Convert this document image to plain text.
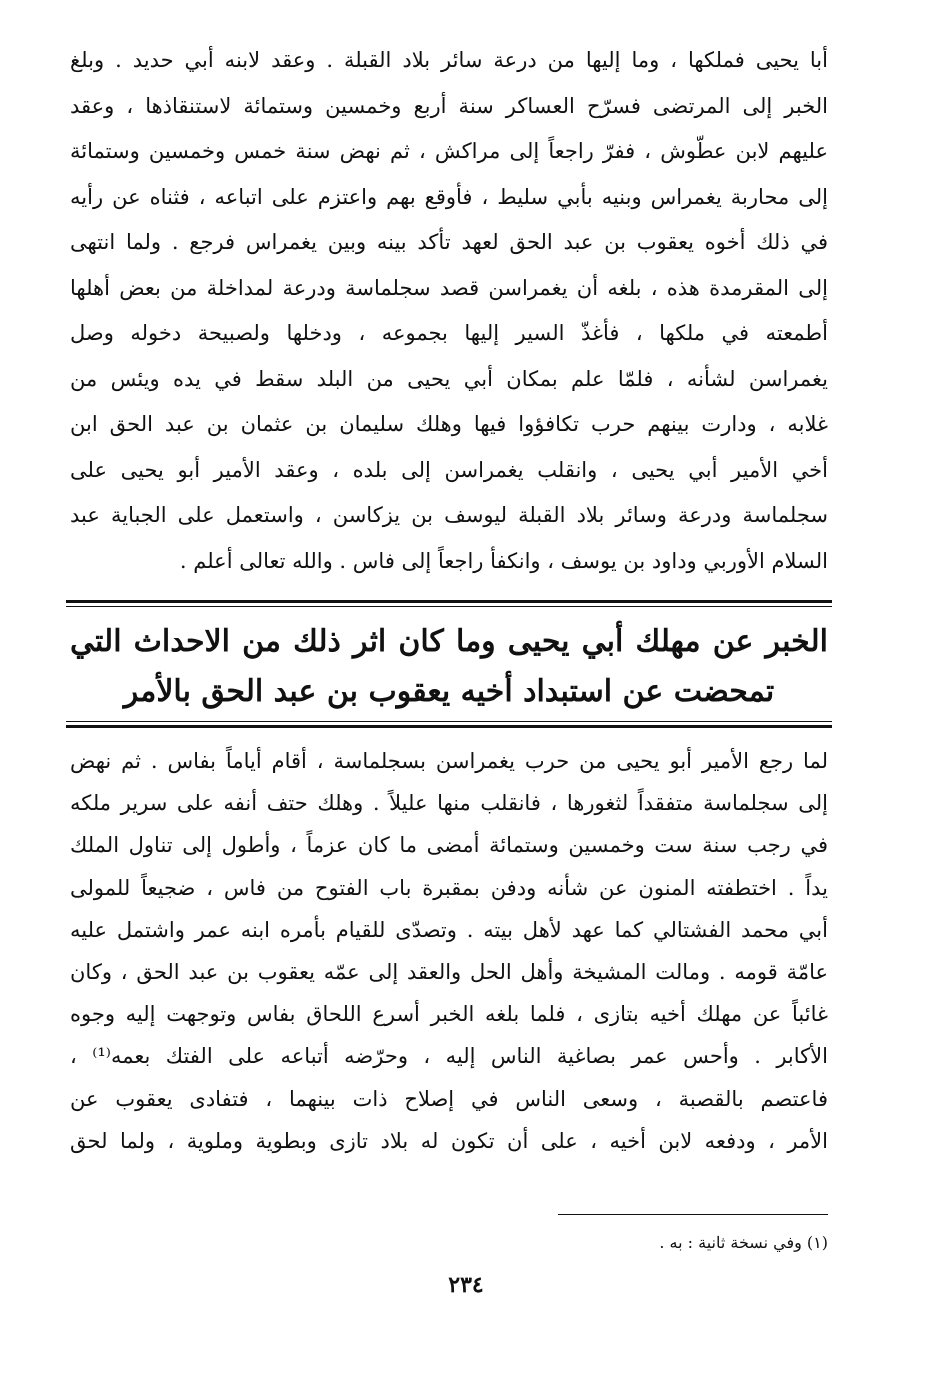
أبا يحيى فملكها ، وما إليها من درعة سائر بلاد القبلة . وعقد لابنه أبي حديد . وبلغ
الخبر إلى المرتضى فسرّح العساكر سنة أربع وخمسين وستمائة لاستنقاذها ، وعقد
عليهم لابن عطّوش ، ففرّ راجعاً إلى مراكش ، ثم نهض سنة خمس وخمسين وستمائة
إلى محاربة يغمراس وبنيه بأبي سليط ، فأوقع بهم واعتزم على اتباعه ، فثناه عن رأيه
في ذلك أخوه يعقوب بن عبد الحق لعهد تأكد بينه وبين يغمراس فرجع . ولما انتهى
إلى المقرمدة هذه ، بلغه أن يغمراسن قصد سجلماسة ودرعة لمداخلة من بعض أهلها
أطمعته في ملكها ، فأغذّ السير إليها بجموعه ، ودخلها ولصبيحة دخوله وصل
يغمراسن لشأنه ، فلمّا علم بمكان أبي يحيى من البلد سقط في يده ويئس من
غلابه ، ودارت بينهم حرب تكافؤوا فيها وهلك سليمان بن عثمان بن عبد الحق ابن
أخي الأمير أبي يحيى ، وانقلب يغمراسن إلى بلده ، وعقد الأمير أبو يحيى على
سجلماسة ودرعة وسائر بلاد القبلة ليوسف بن يزكاسن ، واستعمل على الجباية عبد
السلام الأوربي وداود بن يوسف ، وانكفأ راجعاً إلى فاس . والله تعالى أعلم .
الخبر عن مهلك أبي يحيى وما كان اثر ذلك من الاحداث التي
تمحضت عن استبداد أخيه يعقوب بن عبد الحق بالأمر
لما رجع الأمير أبو يحيى من حرب يغمراسن بسجلماسة ، أقام أياماً بفاس . ثم نهض
إلى سجلماسة متفقداً لثغورها ، فانقلب منها عليلاً . وهلك حتف أنفه على سرير ملكه
في رجب سنة ست وخمسين وستمائة أمضى ما كان عزماً ، وأطول إلى تناول الملك
يداً . اختطفته المنون عن شأنه ودفن بمقبرة باب الفتوح من فاس ، ضجيعاً للمولى
أبي محمد الفشتالي كما عهد لأهل بيته . وتصدّى للقيام بأمره ابنه عمر واشتمل عليه
عامّة قومه . ومالت المشيخة وأهل الحل والعقد إلى عمّه يعقوب بن عبد الحق ، وكان
غائباً عن مهلك أخيه بتازى ، فلما بلغه الخبر أسرع اللحاق بفاس وتوجهت إليه وجوه
الأكابر . وأحس عمر بصاغية الناس إليه ، وحرّضه أتباعه على الفتك بعمه⁽¹⁾ ،
فاعتصم بالقصبة ، وسعى الناس في إصلاح ذات بينهما ، فتفادى يعقوب عن
الأمر ، ودفعه لابن أخيه ، على أن تكون له بلاد تازى وبطوية وملوية ، ولما لحق
(١) وفي نسخة ثانية : به .
٢٣٤
